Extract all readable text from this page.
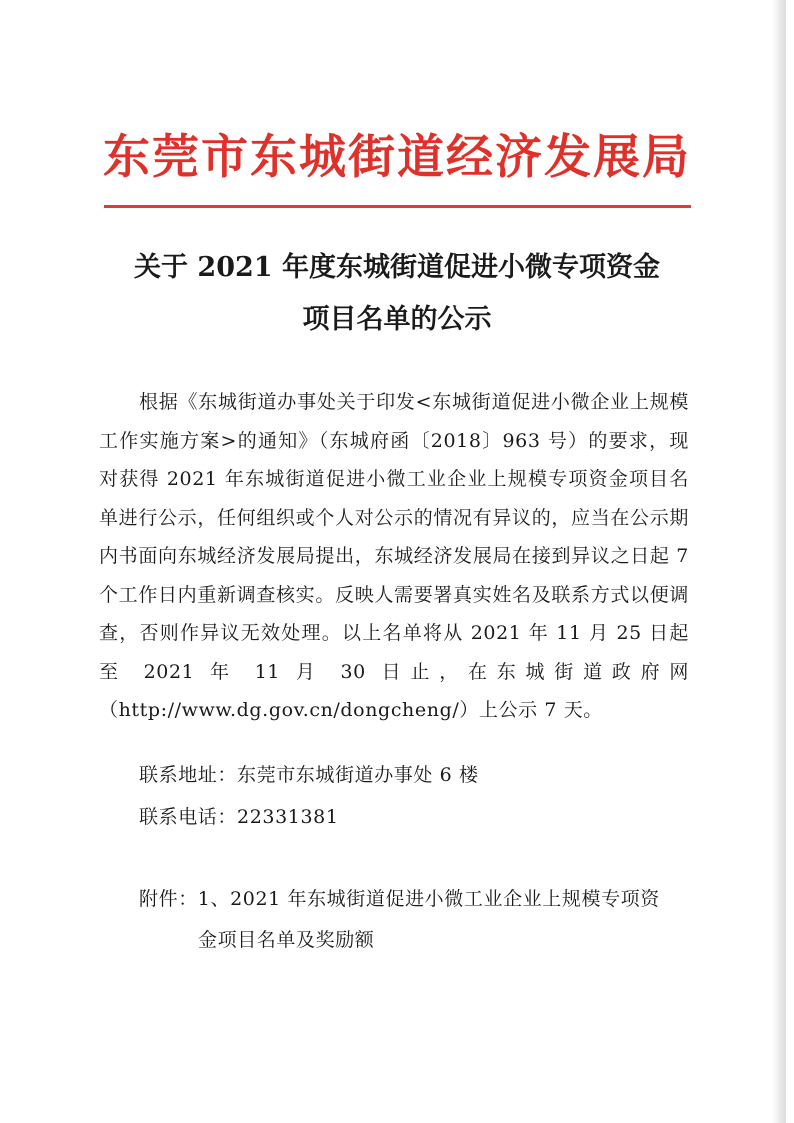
东莞市东城街道经济发展局
关于 2021 年度东城街道促进小微专项资金
项目名单的公示
根据《东城街道办事处关于印发<东城街道促进小微企业上规模工作实施方案>的通知》（东城府函〔2018〕963 号）的要求，现对获得 2021 年东城街道促进小微工业企业上规模专项资金项目名单进行公示，任何组织或个人对公示的情况有异议的，应当在公示期内书面向东城经济发展局提出，东城经济发展局在接到异议之日起 7 个工作日内重新调查核实。反映人需要署真实姓名及联系方式以便调查，否则作异议无效处理。以上名单将从 2021 年 11 月 25 日起至 2021 年 11 月 30 日止，在东城街道政府网（http://www.dg.gov.cn/dongcheng/）上公示 7 天。
联系地址：东莞市东城街道办事处 6 楼
联系电话：22331381
附件：1、2021 年东城街道促进小微工业企业上规模专项资
金项目名单及奖励额
